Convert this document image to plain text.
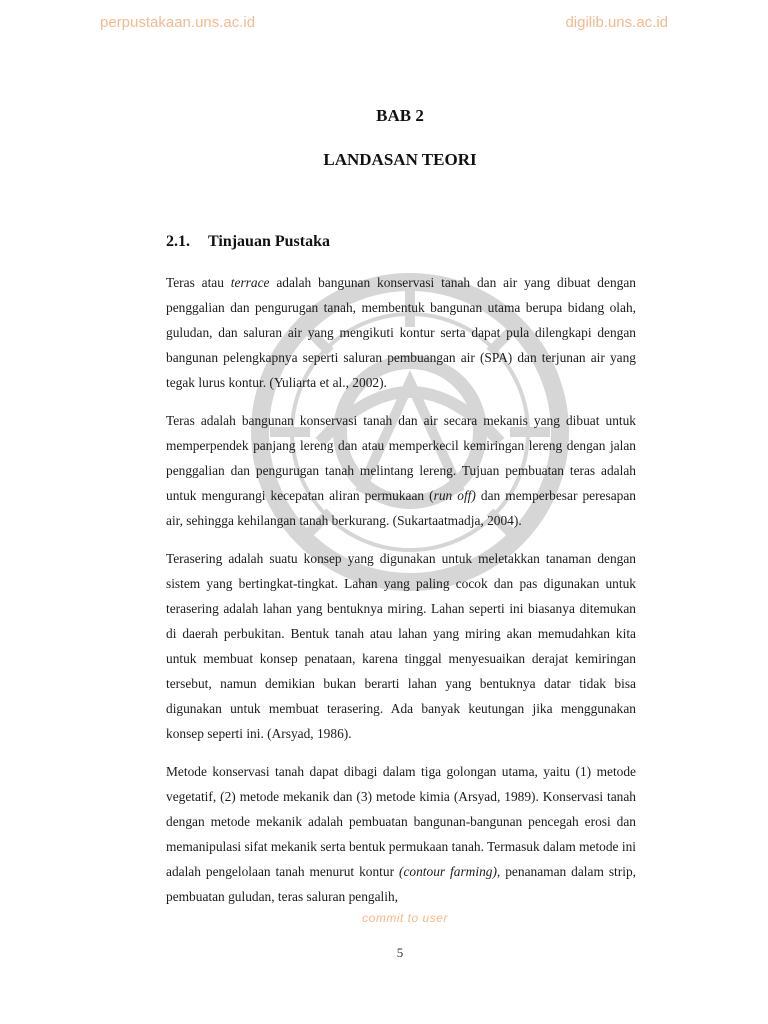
perpustakaan.uns.ac.id	digilib.uns.ac.id
BAB 2
LANDASAN TEORI
2.1. Tinjauan Pustaka

Teras atau terrace adalah bangunan konservasi tanah dan air yang dibuat dengan penggalian dan pengurugan tanah, membentuk bangunan utama berupa bidang olah, guludan, dan saluran air yang mengikuti kontur serta dapat pula dilengkapi dengan bangunan pelengkapnya seperti saluran pembuangan air (SPA) dan terjunan air yang tegak lurus kontur. (Yuliarta et al., 2002).

Teras adalah bangunan konservasi tanah dan air secara mekanis yang dibuat untuk memperpendek panjang lereng dan atau memperkecil kemiringan lereng dengan jalan penggalian dan pengurugan tanah melintang lereng. Tujuan pembuatan teras adalah untuk mengurangi kecepatan aliran permukaan (run off) dan memperbesar peresapan air, sehingga kehilangan tanah berkurang. (Sukartaatmadja, 2004).

Terasering adalah suatu konsep yang digunakan untuk meletakkan tanaman dengan sistem yang bertingkat-tingkat. Lahan yang paling cocok dan pas digunakan untuk terasering adalah lahan yang bentuknya miring. Lahan seperti ini biasanya ditemukan di daerah perbukitan. Bentuk tanah atau lahan yang miring akan memudahkan kita untuk membuat konsep penataan, karena tinggal menyesuaikan derajat kemiringan tersebut, namun demikian bukan berarti lahan yang bentuknya datar tidak bisa digunakan untuk membuat terasering. Ada banyak keutungan jika menggunakan konsep seperti ini. (Arsyad, 1986).

Metode konservasi tanah dapat dibagi dalam tiga golongan utama, yaitu (1) metode vegetatif, (2) metode mekanik dan (3) metode kimia (Arsyad, 1989). Konservasi tanah dengan metode mekanik adalah pembuatan bangunan-bangunan pencegah erosi dan memanipulasi sifat mekanik serta bentuk permukaan tanah. Termasuk dalam metode ini adalah pengelolaan tanah menurut kontur (contour farming), penanaman dalam strip, pembuatan guludan, teras saluran pengalih,

commit to user
5
